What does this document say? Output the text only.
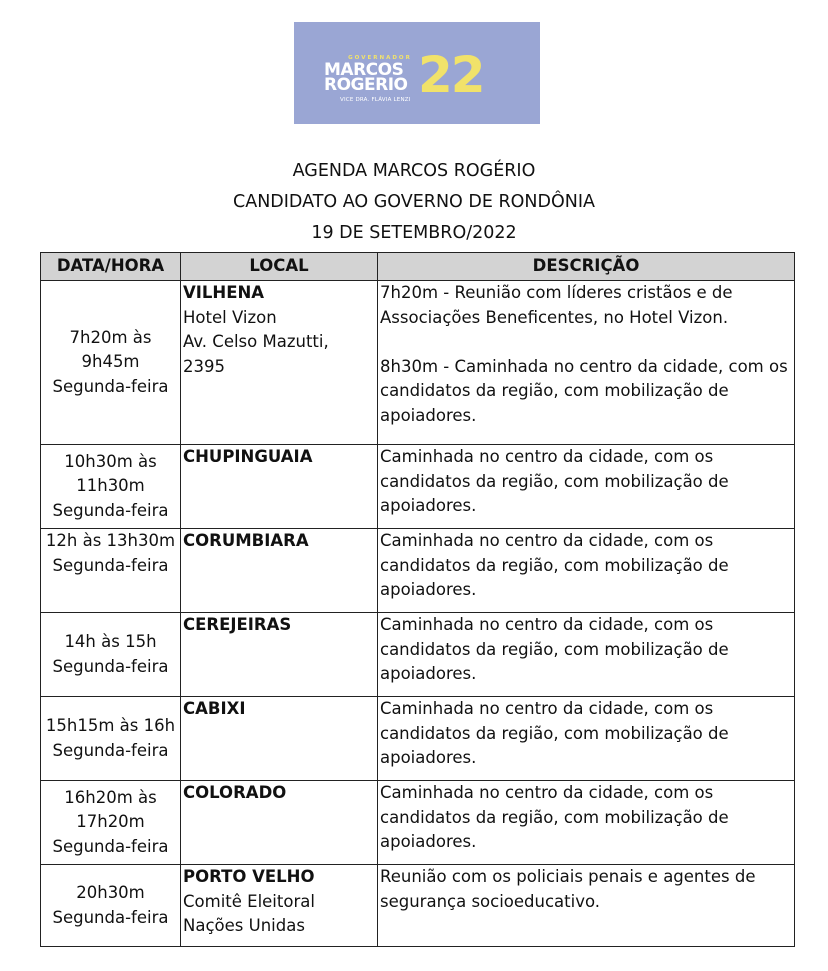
GOVERNADOR
MARCOS
ROGERIO
VICE DRA. FLÁVIA LENZI 22
AGENDA MARCOS ROGÉRIO
CANDIDATO AO GOVERNO DE RONDÔNIA
19 DE SETEMBRO/2022
DATA/HORA	LOCAL	DESCRIÇÃO

7h20m às
9h45m
Segunda-feira	VILHENA
Hotel Vizon
Av. Celso Mazutti,
2395	7h20m - Reunião com líderes cristãos e de Associações Beneficentes, no Hotel Vizon.
8h30m - Caminhada no centro da cidade, com os candidatos da região, com mobilização de apoiadores.

10h30m às
11h30m
Segunda-feira	CHUPINGUAIA	Caminhada no centro da cidade, com os candidatos da região, com mobilização de apoiadores.

12h às 13h30m
Segunda-feira	CORUMBIARA	Caminhada no centro da cidade, com os candidatos da região, com mobilização de apoiadores.

14h às 15h
Segunda-feira	CEREJEIRAS	Caminhada no centro da cidade, com os candidatos da região, com mobilização de apoiadores.

15h15m às 16h
Segunda-feira	CABIXI	Caminhada no centro da cidade, com os candidatos da região, com mobilização de apoiadores.

16h20m às
17h20m
Segunda-feira	COLORADO	Caminhada no centro da cidade, com os candidatos da região, com mobilização de apoiadores.

20h30m
Segunda-feira	PORTO VELHO
Comitê Eleitoral
Nações Unidas	Reunião com os policiais penais e agentes de segurança socioeducativo.
